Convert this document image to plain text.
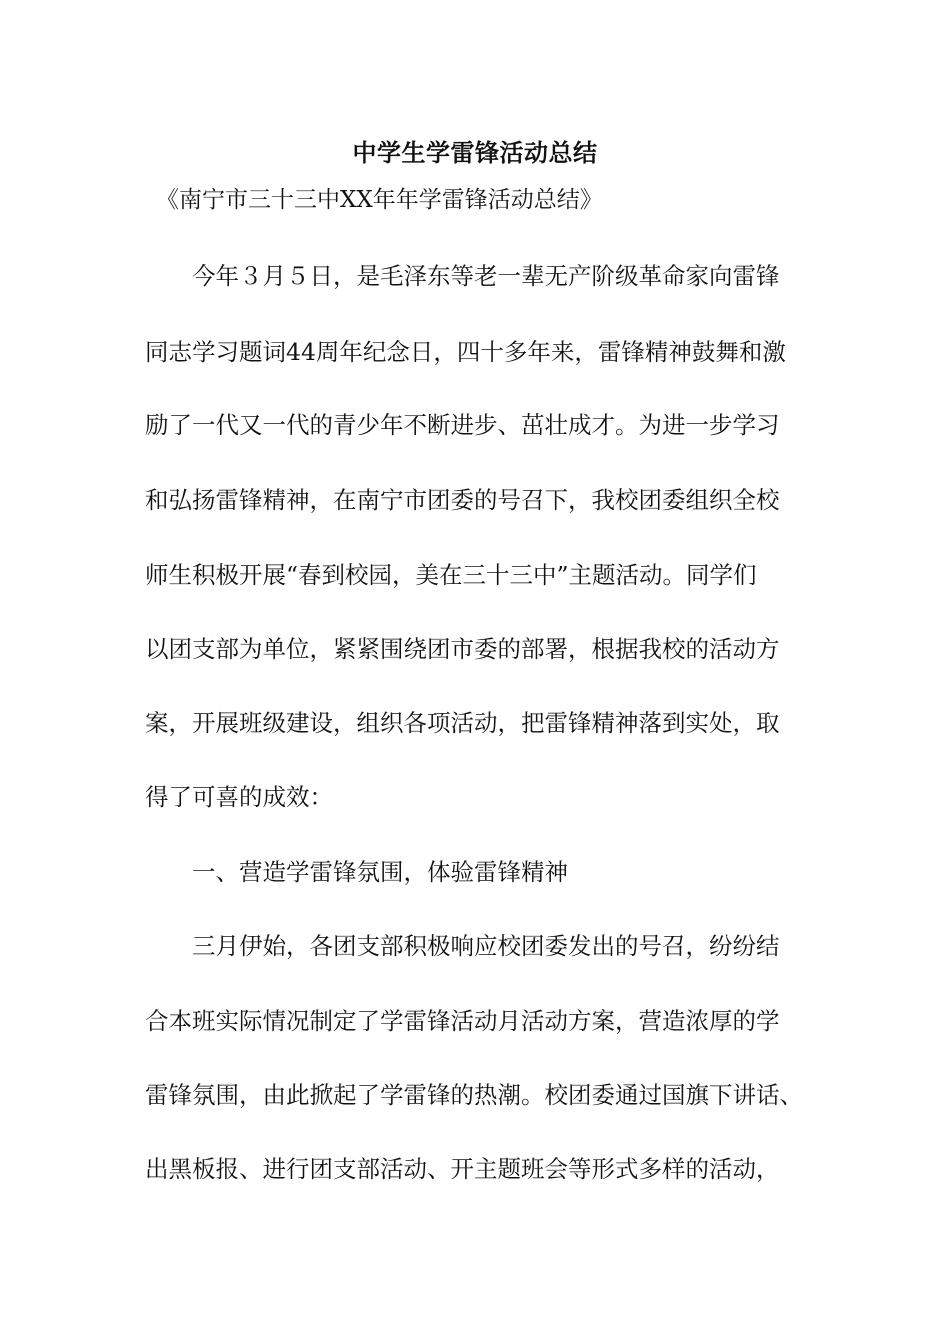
中学生学雷锋活动总结
《南宁市三十三中XX年年学雷锋活动总结》
今年３月５日，是毛泽东等老一辈无产阶级革命家向雷锋
同志学习题词44周年纪念日，四十多年来，雷锋精神鼓舞和激
励了一代又一代的青少年不断进步、茁壮成才。为进一步学习
和弘扬雷锋精神，在南宁市团委的号召下，我校团委组织全校
师生积极开展“春到校园，美在三十三中”主题活动。同学们
以团支部为单位，紧紧围绕团市委的部署，根据我校的活动方
案，开展班级建设，组织各项活动，把雷锋精神落到实处，取
得了可喜的成效：
一、营造学雷锋氛围，体验雷锋精神
三月伊始，各团支部积极响应校团委发出的号召，纷纷结
合本班实际情况制定了学雷锋活动月活动方案，营造浓厚的学
雷锋氛围，由此掀起了学雷锋的热潮。校团委通过国旗下讲话、
出黑板报、进行团支部活动、开主题班会等形式多样的活动，
